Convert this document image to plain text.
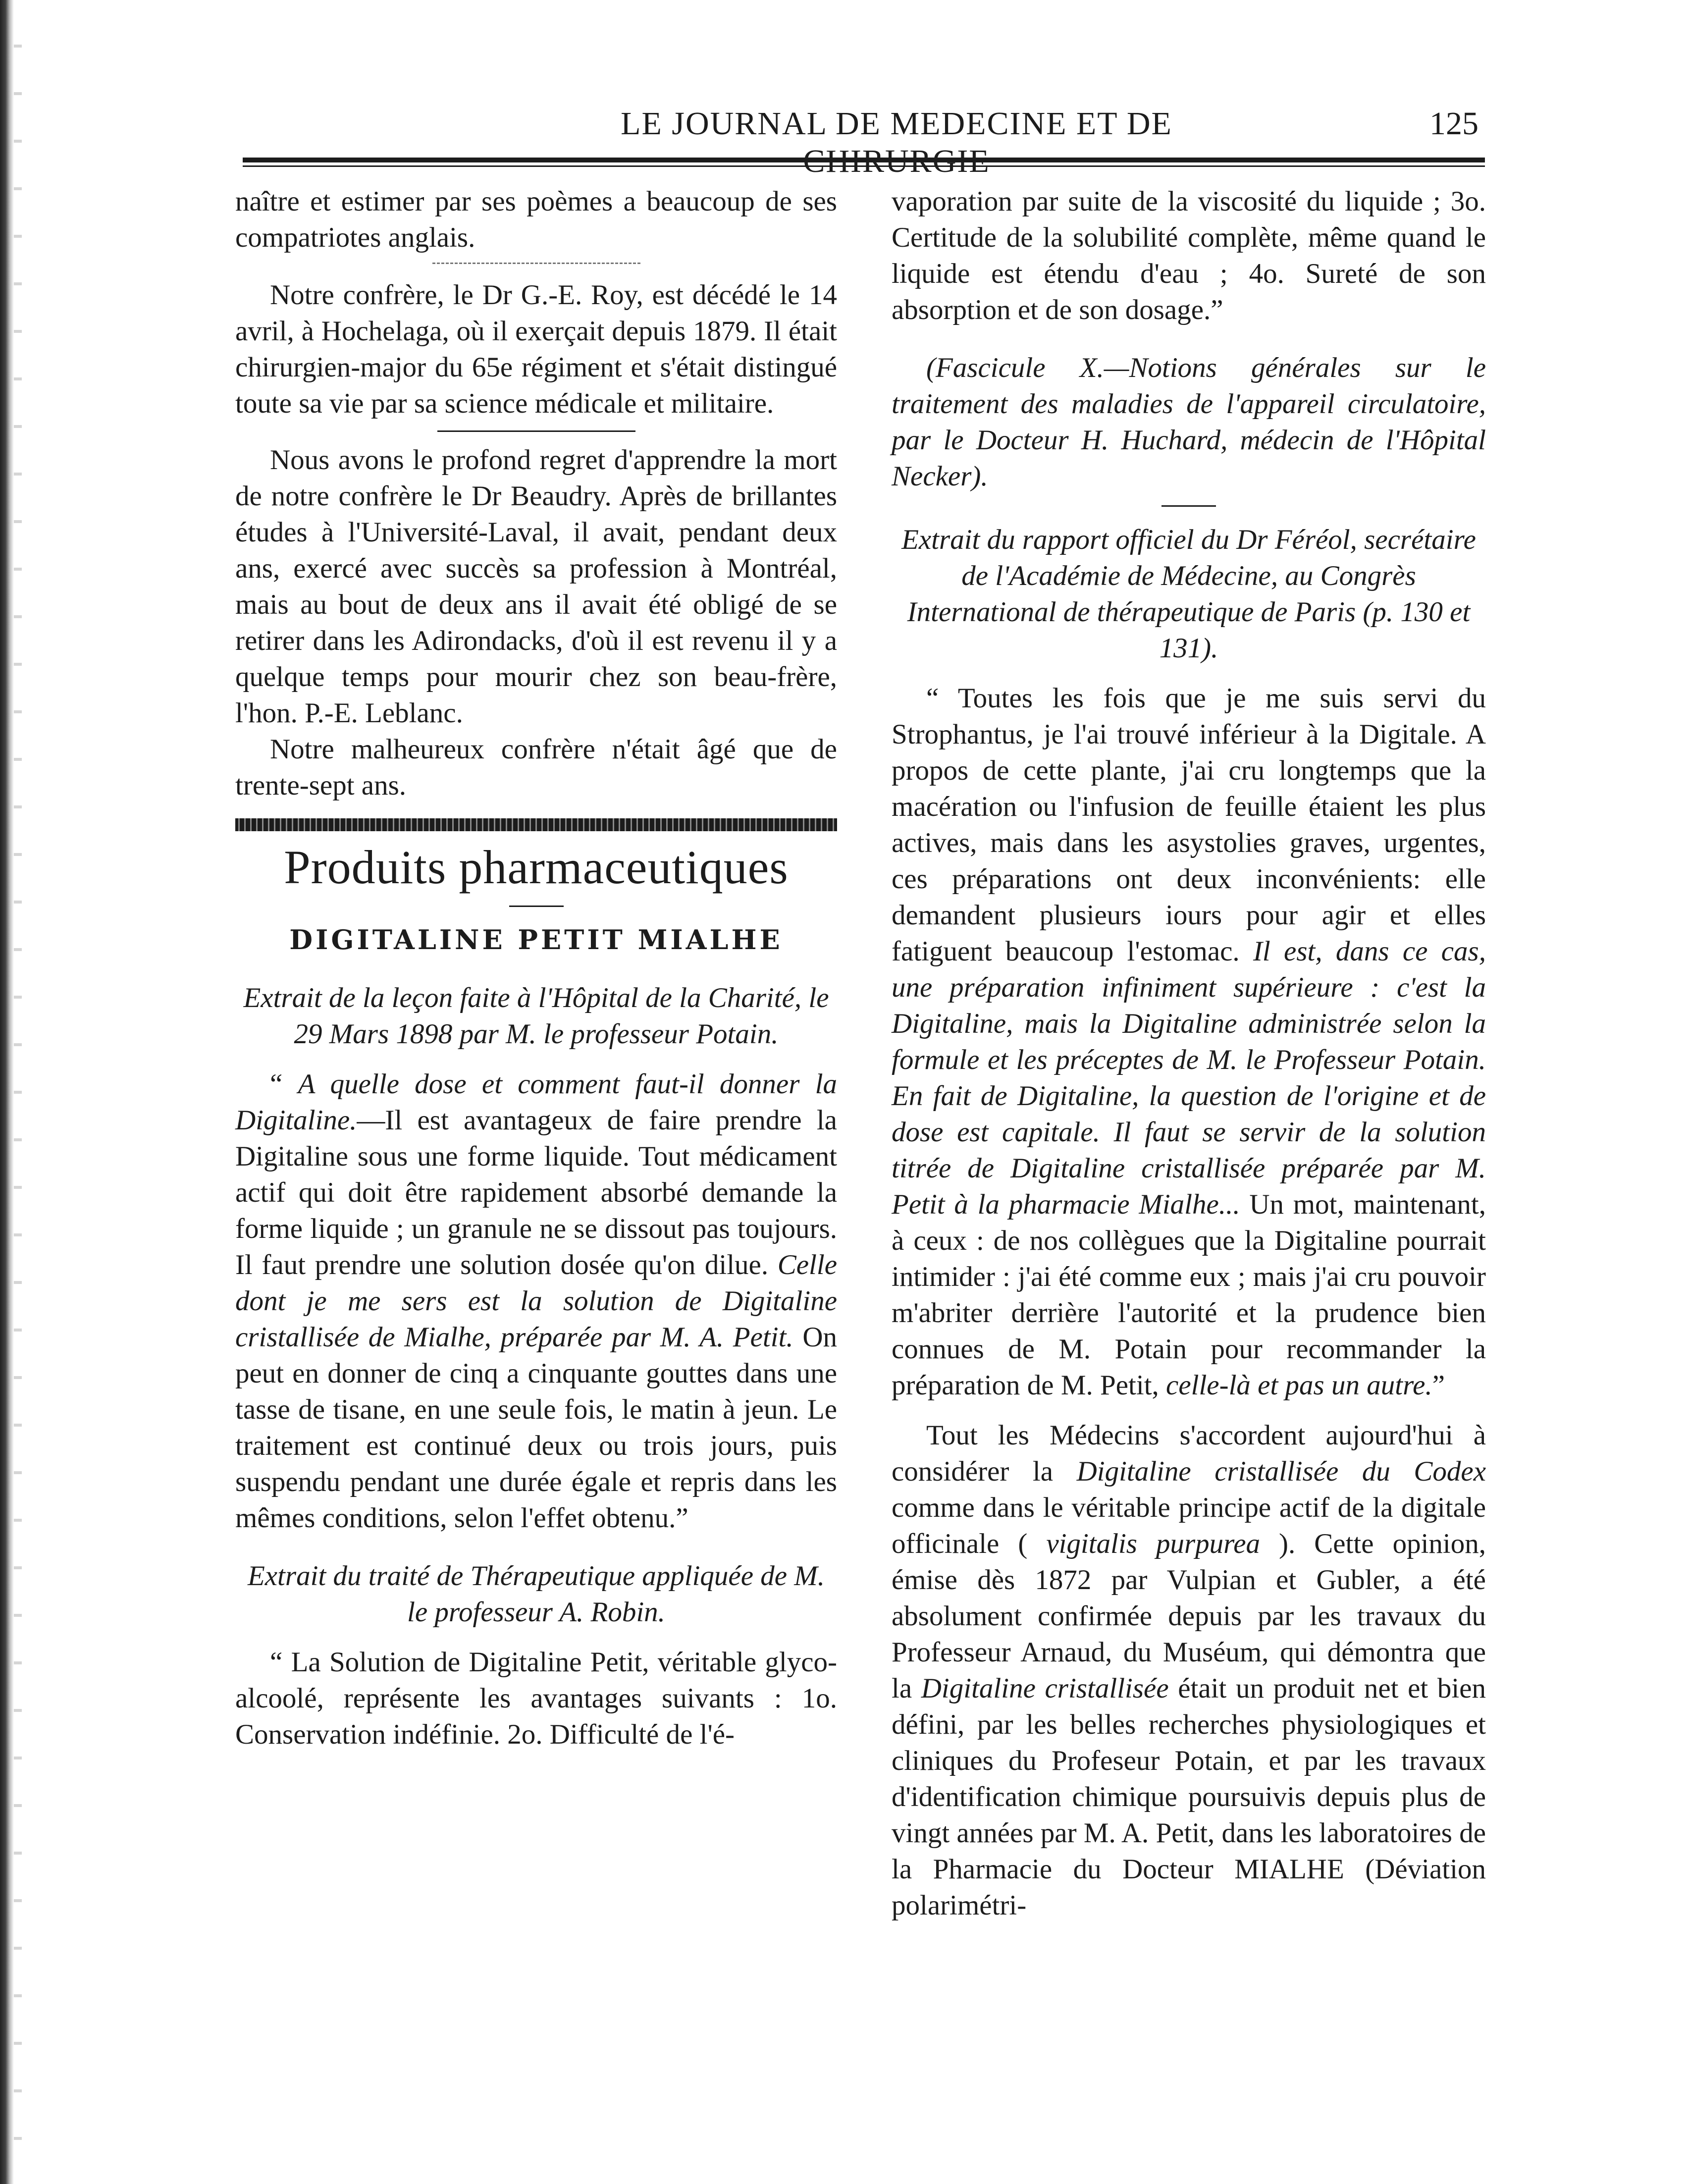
LE JOURNAL DE MEDECINE ET DE	125

naître et estimer par ses poèmes a beaucoup de ses compatriotes anglais.

Notre confrère, le Dr G.-E. Roy, est décédé le 14 avril, à Hochelaga, où il exerçait depuis 1879. Il était chirurgien-major du 65e régiment et s'était distingué toute sa vie par sa science médicale et militaire.

Nous avons le profond regret d'apprendre la mort de notre confrère le Dr Beaudry. Après de brillantes études à l'Université-Laval, il avait, pendant deux ans, exercé avec succès sa profession à Montréal, mais au bout de deux ans il avait été obligé de se retirer dans les Adirondacks, d'où il est revenu il y a quelque temps pour mourir chez son beau-frère, l'hon. P.-E. Leblanc.

Notre malheureux confrère n'était âgé que de trente-sept ans.

Produits pharmaceutiques
DIGITALINE PETIT MIALHE
Extrait de la leçon faite à l'Hôpital de la Charité, le 29 Mars 1898 par M. le professeur Potain.

“ A quelle dose et comment faut-il donner la Digitaline.—Il est avantageux de faire prendre la Digitaline sous une forme liquide. Tout médicament actif qui doit être rapidement absorbé demande la forme liquide ; un granule ne se dissout pas toujours. Il faut prendre une solution dosée qu'on dilue. Celle dont je me sers est la solution de Digitaline cristallisée de Mialhe, préparée par M. A. Petit. On peut en donner de cinq a cinquante gouttes dans une tasse de tisane, en une seule fois, le matin à jeun. Le traitement est continué deux ou trois jours, puis suspendu pendant une durée égale et repris dans les mêmes conditions, selon l'effet obtenu.”

Extrait du traité de Thérapeutique appliquée de M. le professeur A. Robin.

“ La Solution de Digitaline Petit, véritable glyco-alcoolé, représente les avantages suivants : 1o. Conservation indéfinie. 2o. Difficulté de l'é-

vaporation par suite de la viscosité du liquide ; 3o. Certitude de la solubilité complète, même quand le liquide est étendu d'eau ; 4o. Sureté de son absorption et de son dosage.”

(Fascicule X.—Notions générales sur le traitement des maladies de l'appareil circulatoire, par le Docteur H. Huchard, médecin de l'Hôpital Necker).

Extrait du rapport officiel du Dr Féréol, secrétaire de l'Académie de Médecine, au Congrès International de thérapeutique de Paris (p. 130 et 131).

“ Toutes les fois que je me suis servi du Strophantus, je l'ai trouvé inférieur à la Digitale. A propos de cette plante, j'ai cru longtemps que la macération ou l'infusion de feuille étaient les plus actives, mais dans les asystolies graves, urgentes, ces préparations ont deux inconvénients: elle demandent plusieurs iours pour agir et elles fatiguent beaucoup l'estomac. Il est, dans ce cas, une préparation infiniment supérieure : c'est la Digitaline, mais la Digitaline administrée selon la formule et les préceptes de M. le Professeur Potain. En fait de Digitaline, la question de l'origine et de dose est capitale. Il faut se servir de la solution titrée de Digitaline cristallisée préparée par M. Petit à la pharmacie Mialhe... Un mot, maintenant, à ceux : de nos collègues que la Digitaline pourrait intimider : j'ai été comme eux ; mais j'ai cru pouvoir m'abriter derrière l'autorité et la prudence bien connues de M. Potain pour recommander la préparation de M. Petit, celle-là et pas un autre.”

Tout les Médecins s'accordent aujourd'hui à considérer la Digitaline cristallisée du Codex comme dans le véritable principe actif de la digitale officinale ( vigitalis purpurea ). Cette opinion, émise dès 1872 par Vulpian et Gubler, a été absolument confirmée depuis par les travaux du Professeur Arnaud, du Muséum, qui démontra que la Digitaline cristallisée était un produit net et bien défini, par les belles recherches physiologiques et cliniques du Profeseur Potain, et par les travaux d'identification chimique poursuivis depuis plus de vingt années par M. A. Petit, dans les laboratoires de la Pharmacie du Docteur MIALHE (Déviation polarimétri-
